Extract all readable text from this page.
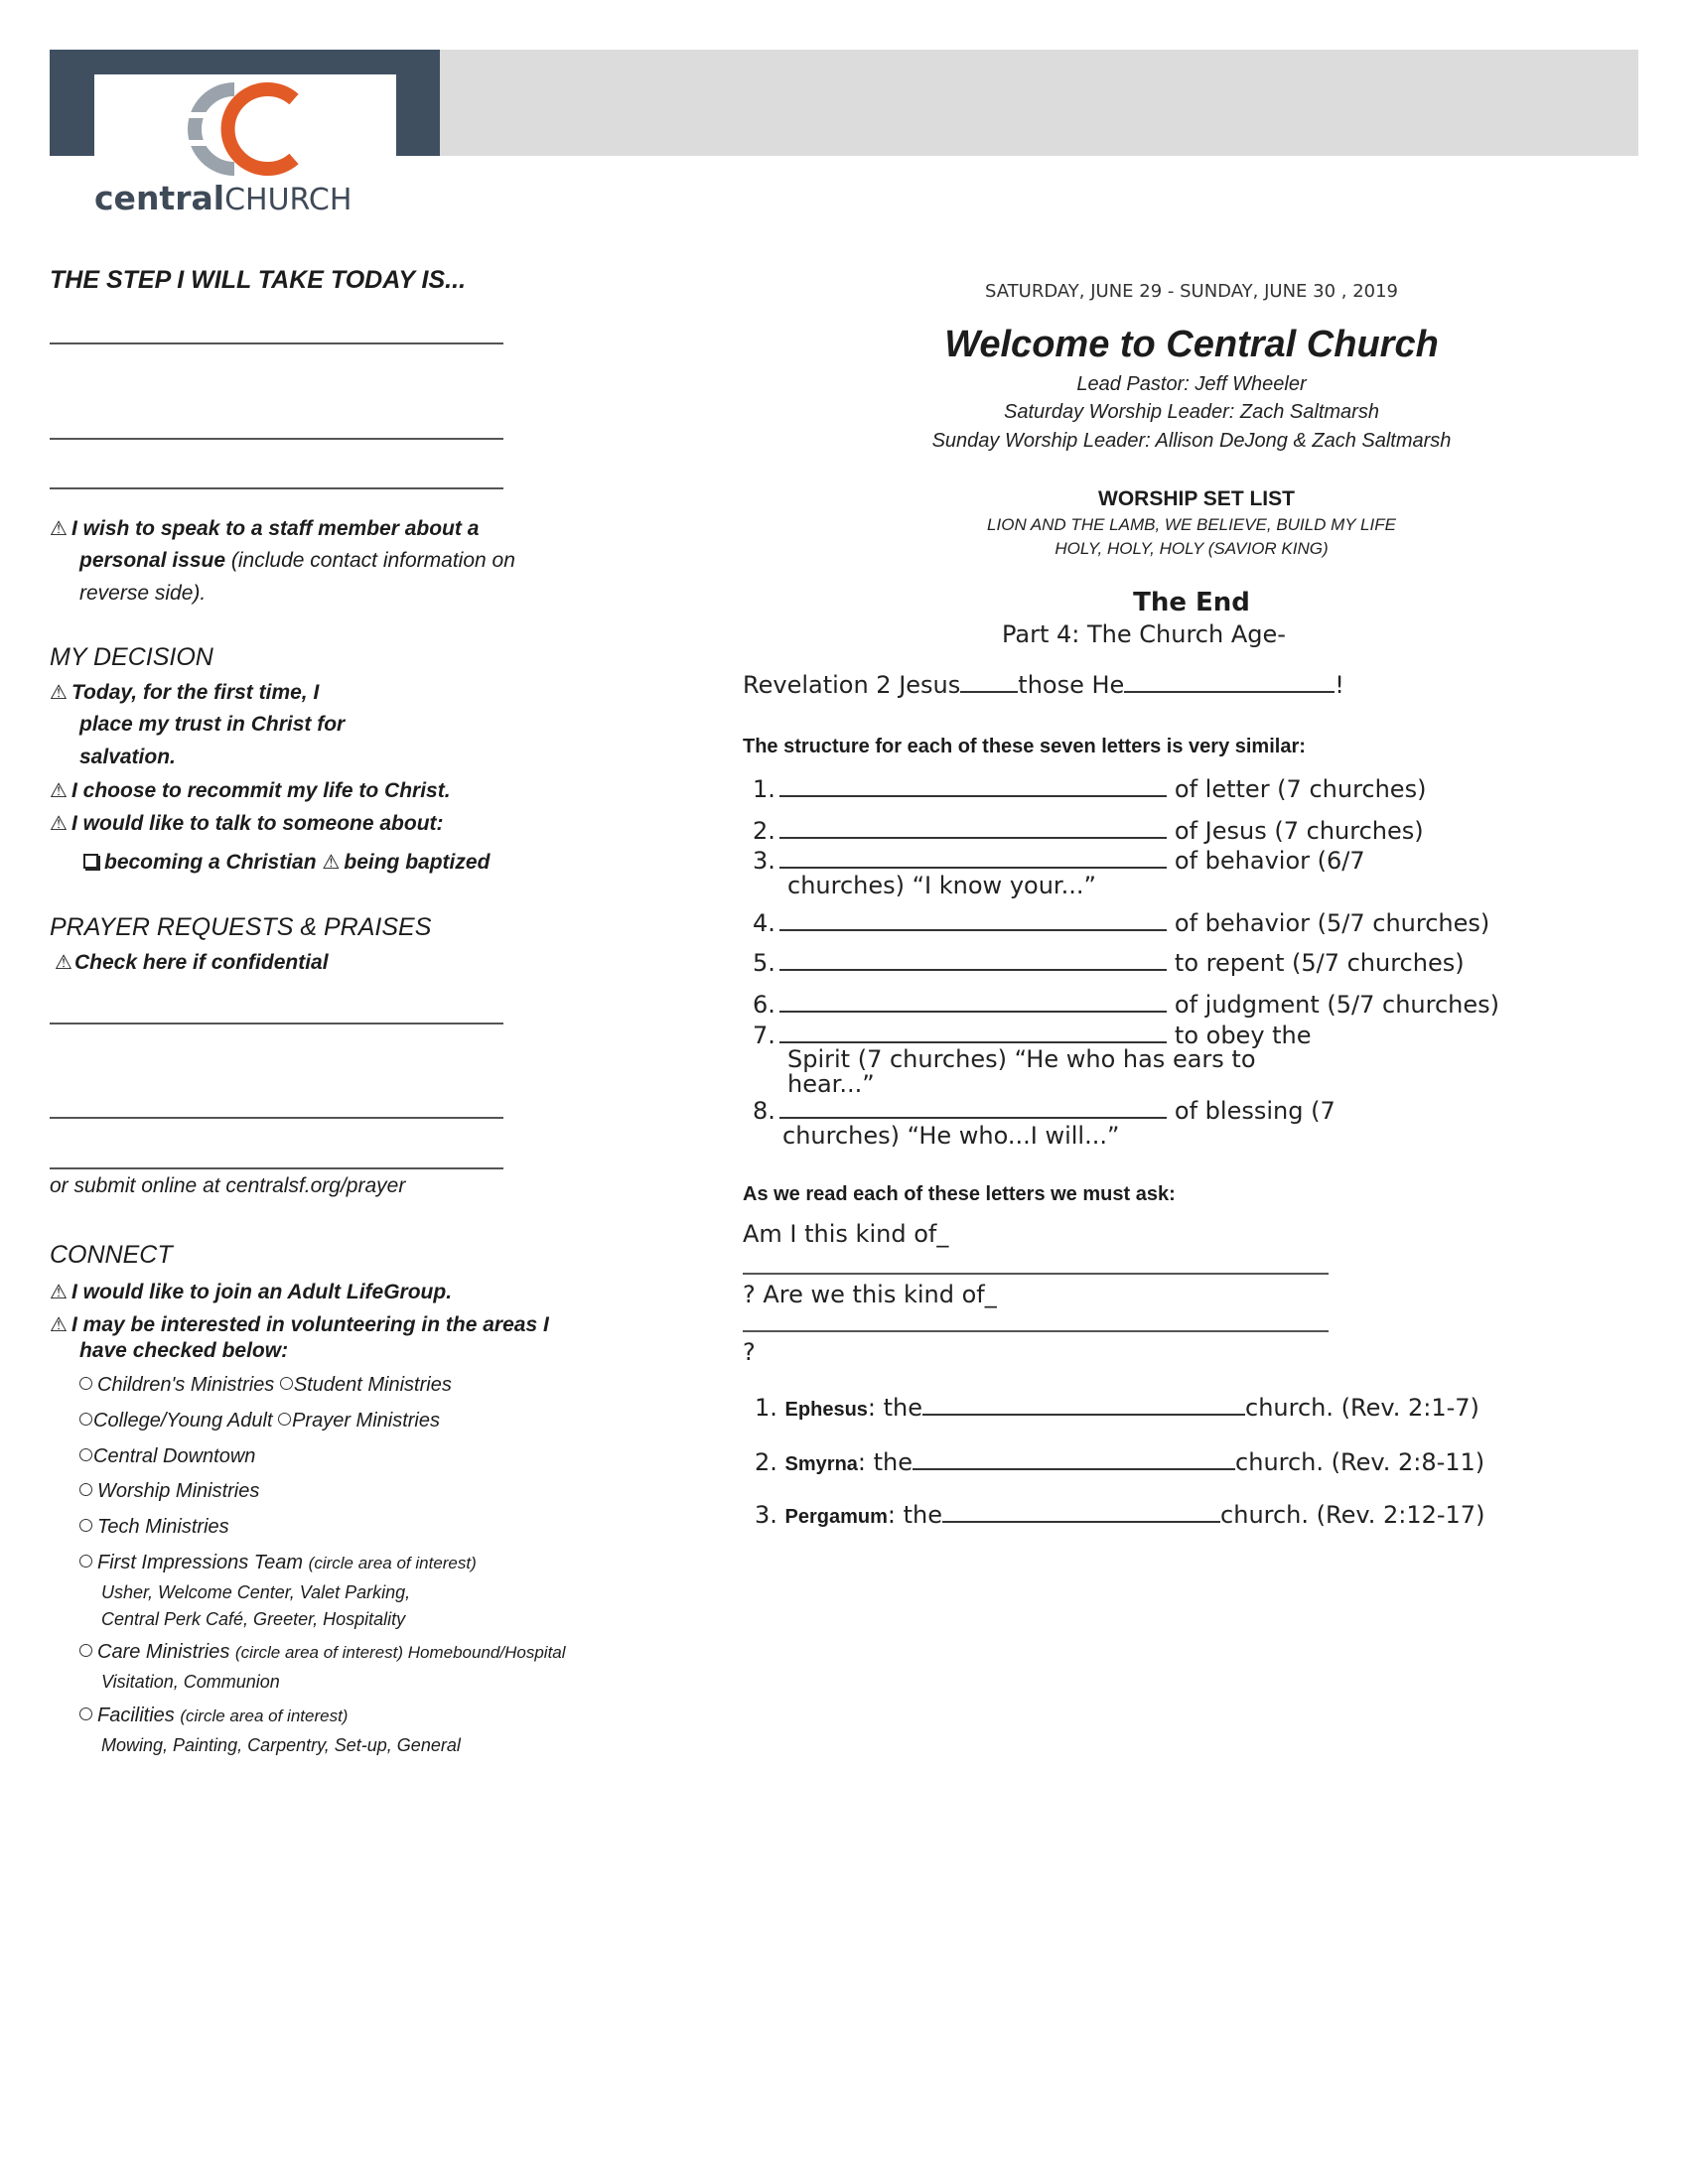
centralCHURCH
THE STEP I WILL TAKE TODAY IS...
⚠ I wish to speak to a staff member about a
personal issue (include contact information on
reverse side).
MY DECISION
⚠ Today, for the first time, I
place my trust in Christ for
salvation.
⚠ I choose to recommit my life to Christ.
⚠ I would like to talk to someone about:
becoming a Christian ⚠ being baptized
PRAYER REQUESTS & PRAISES
⚠Check here if confidential
or submit online at centralsf.org/prayer
CONNECT
⚠ I would like to join an Adult LifeGroup.
⚠ I may be interested in volunteering in the areas I
have checked below:
Children's Ministries Student Ministries
College/Young Adult Prayer Ministries
Central Downtown
Worship Ministries
Tech Ministries
First Impressions Team (circle area of interest)
Usher, Welcome Center, Valet Parking,
Central Perk Café, Greeter, Hospitality
Care Ministries (circle area of interest) Homebound/Hospital
Visitation, Communion
Facilities (circle area of interest)
Mowing, Painting, Carpentry, Set-up, General
SATURDAY, JUNE 29 - SUNDAY, JUNE 30 , 2019
Welcome to Central Church
Lead Pastor: Jeff Wheeler
Saturday Worship Leader: Zach Saltmarsh
Sunday Worship Leader: Allison DeJong & Zach Saltmarsh
WORSHIP SET LIST
LION AND THE LAMB, WE BELIEVE, BUILD MY LIFE
HOLY, HOLY, HOLY (SAVIOR KING)
The End
Part 4: The Church Age-
Revelation 2 Jesus those He	!
The structure for each of these seven letters is very similar:
1.	of letter (7 churches)
2.	of Jesus (7 churches)
3.	of behavior (6/7
churches) “I know your...”
4.	of behavior (5/7 churches)
5.	to repent (5/7 churches)
6.	of judgment (5/7 churches)
7.	to obey the
Spirit (7 churches) “He who has ears to
hear...”
8.	of blessing (7
churches) “He who...I will...”
As we read each of these letters we must ask:
Am I this kind of_
? Are we this kind of_
?
1. Ephesus: the	church. (Rev. 2:1-7)
2. Smyrna: the	church. (Rev. 2:8-11)
3. Pergamum: the	church. (Rev. 2:12-17)
